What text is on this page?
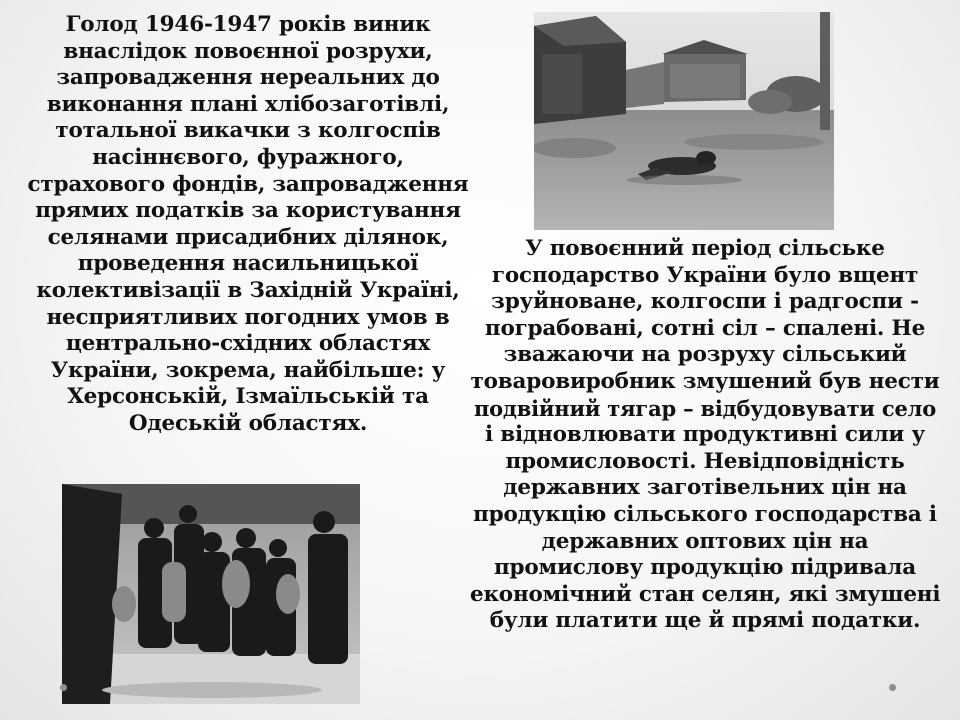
Голод 1946-1947 років виник
внаслідок повоєнної розрухи,
запровадження нереальних до
виконання плані хлібозаготівлі,
тотальної викачки з колгоспів
насіннєвого, фуражного,
страхового фондів, запровадження
прямих податків за користування
селянами присадибних ділянок,
проведення насильницької
колективізації в Західній Україні,
несприятливих погодних умов в
центрально-східних областях
України, зокрема, найбільше: у
Херсонській, Ізмаїльській та
Одеській областях.

У повоєнний період сільське
господарство України було вщент
зруйноване, колгоспи і радгоспи -
пограбовані, сотні сіл – спалені. Не
зважаючи на розруху сільський
товаровиробник змушений був нести
подвійний тягар – відбудовувати село
і відновлювати продуктивні сили у
промисловості. Невідповідність
державних заготівельних цін на
продукцію сільського господарства і
державних оптових цін на
промислову продукцію підривала
економічний стан селян, які змушені
були платити ще й прямі податки.
